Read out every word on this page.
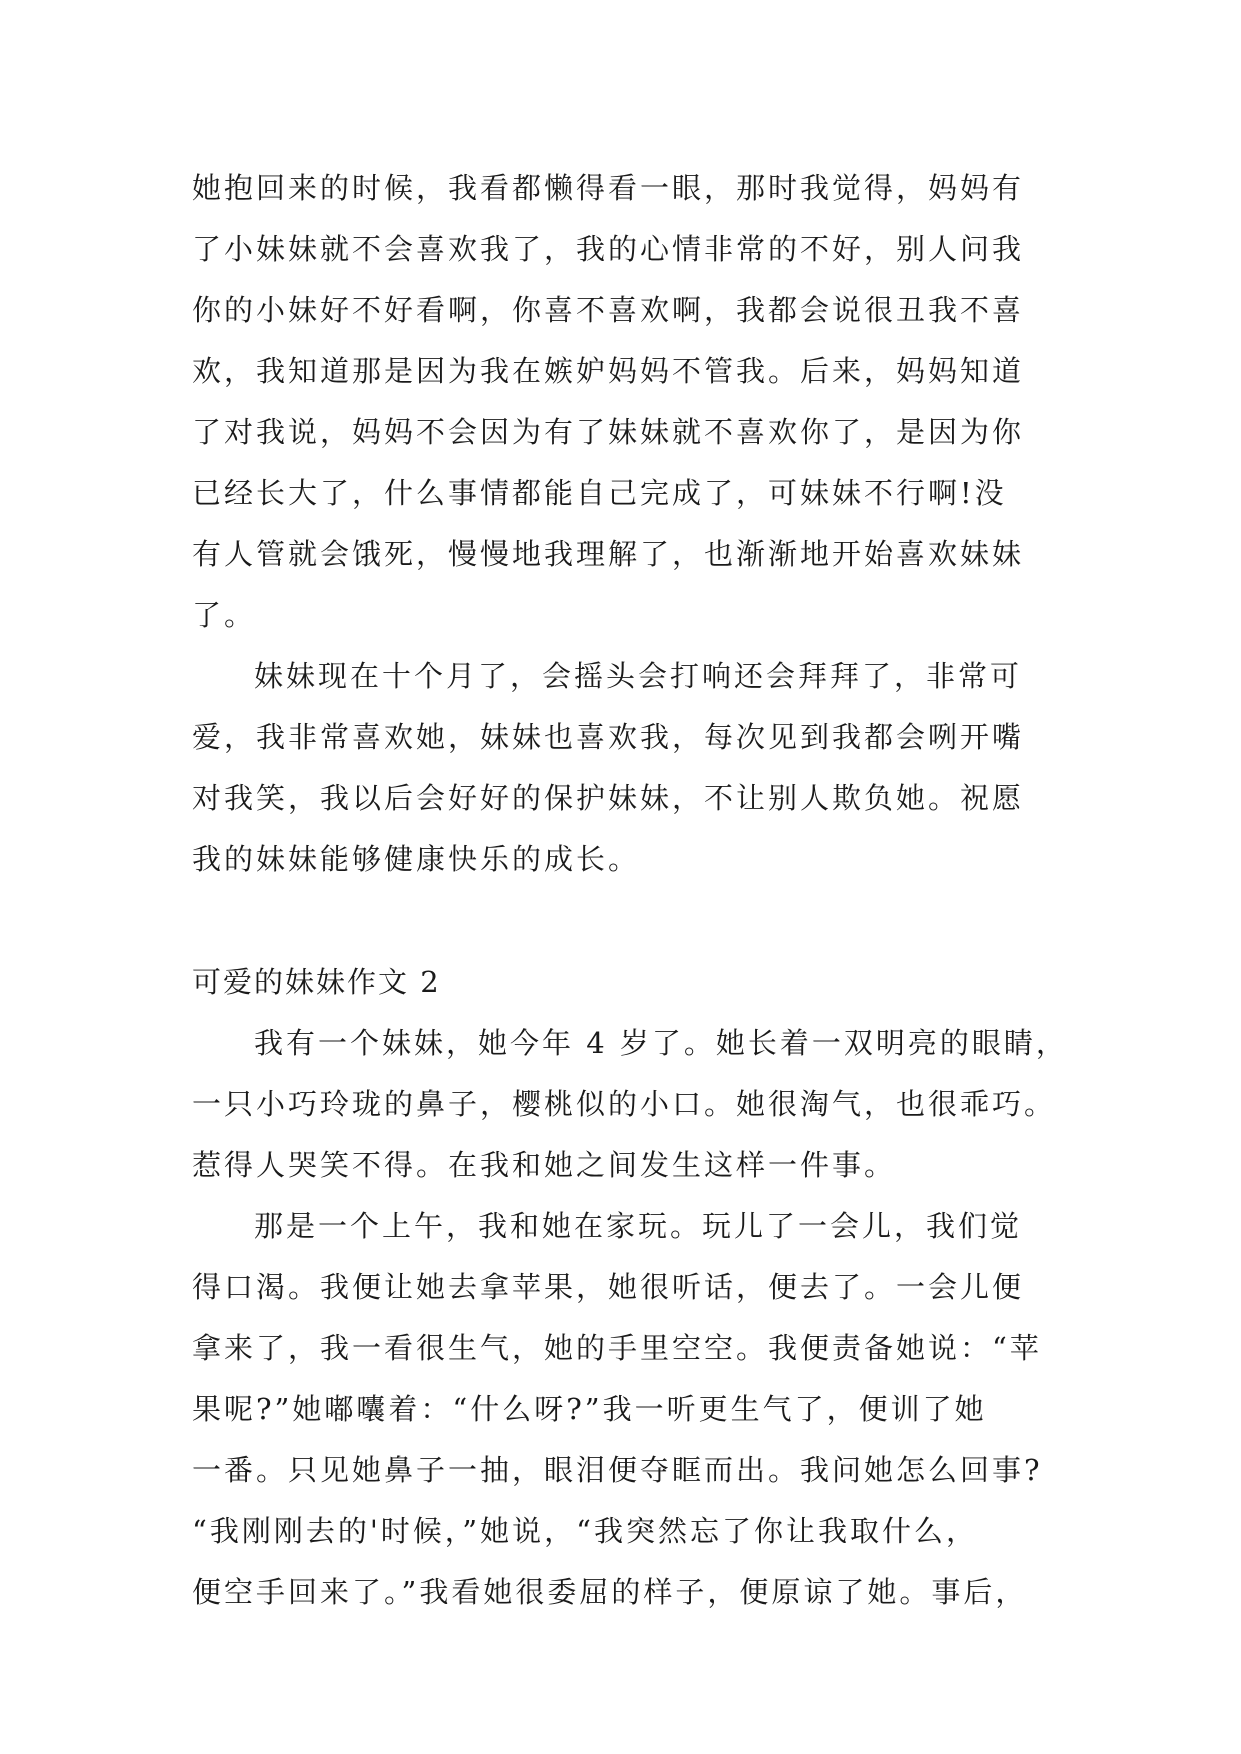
她抱回来的时候，我看都懒得看一眼，那时我觉得，妈妈有
了小妹妹就不会喜欢我了，我的心情非常的不好，别人问我
你的小妹好不好看啊，你喜不喜欢啊，我都会说很丑我不喜
欢，我知道那是因为我在嫉妒妈妈不管我。后来，妈妈知道
了对我说，妈妈不会因为有了妹妹就不喜欢你了，是因为你
已经长大了，什么事情都能自己完成了，可妹妹不行啊!没
有人管就会饿死，慢慢地我理解了，也渐渐地开始喜欢妹妹
了。
妹妹现在十个月了，会摇头会打响还会拜拜了，非常可
爱，我非常喜欢她，妹妹也喜欢我，每次见到我都会咧开嘴
对我笑，我以后会好好的保护妹妹，不让别人欺负她。祝愿
我的妹妹能够健康快乐的成长。
可爱的妹妹作文 2
我有一个妹妹，她今年 4 岁了。她长着一双明亮的眼睛，
一只小巧玲珑的鼻子，樱桃似的小口。她很淘气，也很乖巧。
惹得人哭笑不得。在我和她之间发生这样一件事。
那是一个上午，我和她在家玩。玩儿了一会儿，我们觉
得口渴。我便让她去拿苹果，她很听话，便去了。一会儿便
拿来了，我一看很生气，她的手里空空。我便责备她说：“苹
果呢?”她嘟囔着：“什么呀?”我一听更生气了，便训了她
一番。只见她鼻子一抽，眼泪便夺眶而出。我问她怎么回事?
“我刚刚去的'时候，”她说，“我突然忘了你让我取什么，
便空手回来了。”我看她很委屈的样子，便原谅了她。事后，
